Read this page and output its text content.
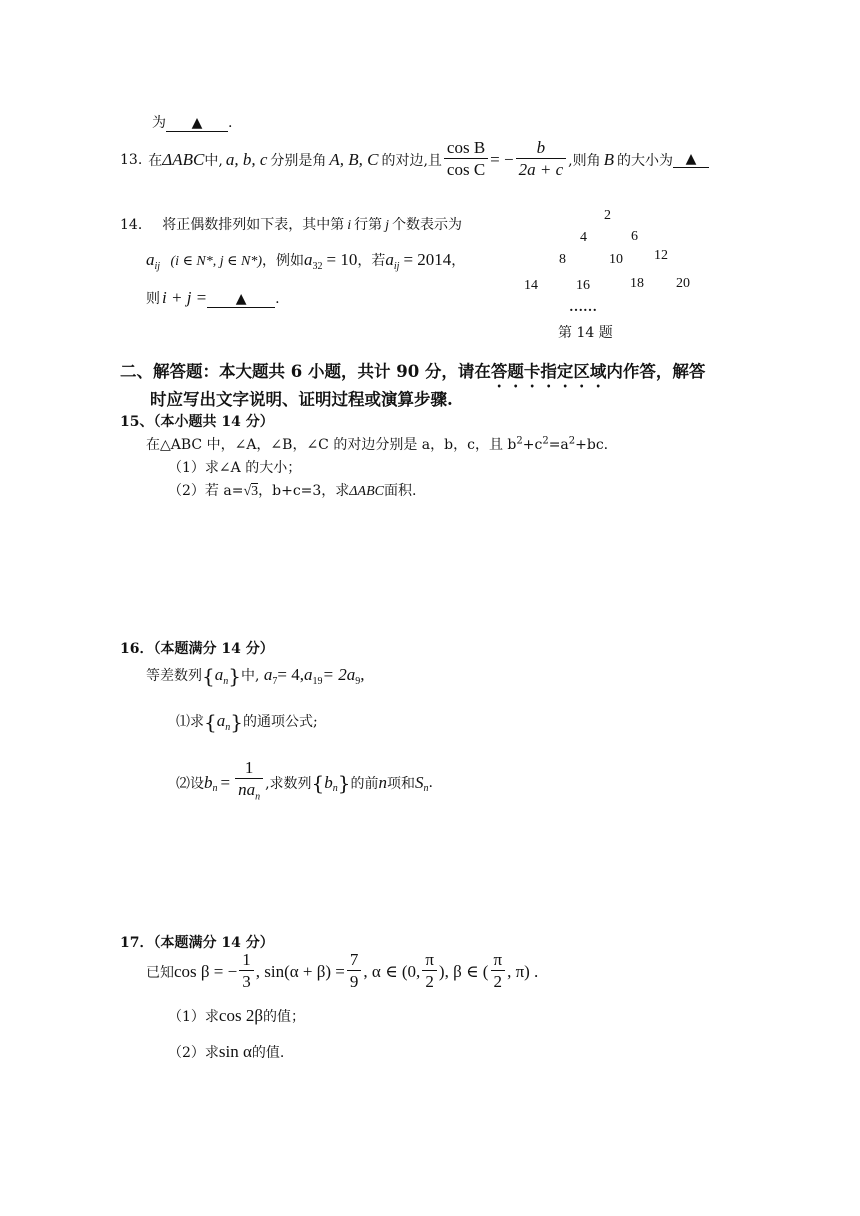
为 ▲ .
13. 在 ΔABC 中, a, b, c 分别是角 A, B, C 的对边,且 $\frac{\text{cos B}}{\text{cos C}}$ = − $\frac{b}{2a + c}$ ,则角 B 的大小为 ▲
14． 将正偶数排列如下表，其中第 i 行第 j 个数表示为
$a_{ij}$ (i ∈ N*, j ∈ N*)，例如$a_{32} = 10$，若$a_{ij} = 2014$，
则 i + j = ▲ .
2
4	6
8	10 12
14	16	18 20
……
第 14 题
二、解答题：本大题共 6 小题，共计 90 分，请在答题卡指定区域内作答，解答
时应写出文字说明、证明过程或演算步骤.
15、（本小题共 14 分）
在△ABC 中，∠A，∠B，∠C 的对边分别是 a，b，c，且 $b^2+c^2=a^2+bc$.
（1）求∠A 的大小；
（2）若 a=√3，b+c=3，求ΔABC面积.
16．（本题满分 14 分）
等差数列$\{a_n\}$中, $a_7= 4,a_{19}= 2a_9$,
⑴求$\{a_n\}$的通项公式;
⑵设 $b_n = \frac{1}{na_n}$ ,求数列 { $b_n$ } 的前 n 项和 $S_n$ .
17．（本题满分 14 分）
已知 cos β = − $\frac{1}{3}$ , $\sin(\alpha + \beta) = \frac{7}{9}$ , α ∈ (0, $\frac{\pi}{2}$ ), β ∈ ( $\frac{\pi}{2}$ , π) .
（1）求cos 2β的值；
（2）求sin α的值.
